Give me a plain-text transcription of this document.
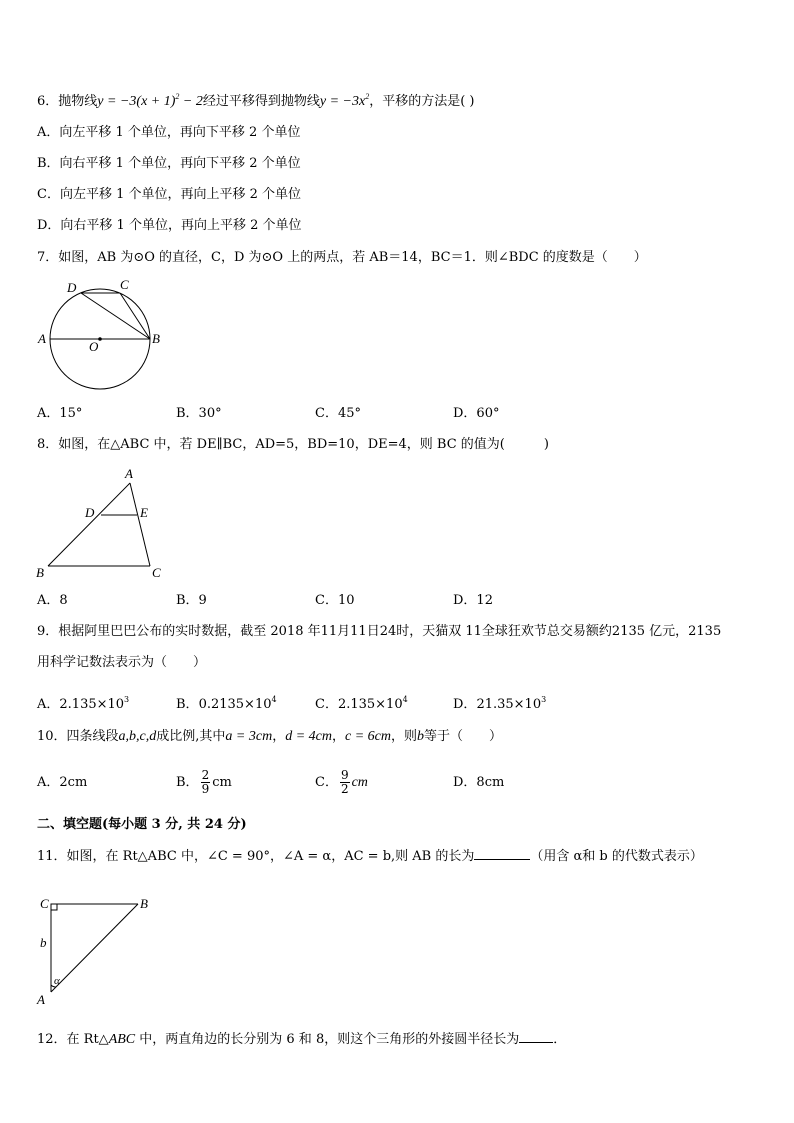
6．抛物线$y = -3(x + 1)^2 - 2$经过平移得到抛物线$y = -3x^2$，平移的方法是( )
A．向左平移 1 个单位，再向下平移 2 个单位
B．向右平移 1 个单位，再向下平移 2 个单位
C．向左平移 1 个单位，再向上平移 2 个单位
D．向右平移 1 个单位，再向上平移 2 个单位
7．如图，AB 为⊙O 的直径，C，D 为⊙O 上的两点，若 AB＝14，BC＝1．则∠BDC 的度数是（　　）
A	B
C
D
O
A．15°	B．30°	C．45°	D．60°
8．如图，在△ABC 中，若 DE∥BC，AD=5，BD=10，DE=4，则 BC 的值为(　　　)
A
B	C
D	E
A．8	B．9	C．10	D．12
9．根据阿里巴巴公布的实时数据，截至 2018 年11月11日24时，天猫双 11全球狂欢节总交易额约2135 亿元，2135
用科学记数法表示为（　　）
A．$2.135\times 10^3$	B．$0.2135\times 10^4$	C．$2.135\times 10^4$	D．$21.35\times 10^3$
10．四条线段a,b,c,d成比例,其中a = 3cm，d = 4cm，c = 6cm，则b等于（　　）
A．2cm	B． $\frac{2}{9}$ cm	C． $\frac{9}{2}$ cm	D．8cm
二、填空题(每小题 3 分, 共 24 分)
11．如图，在 Rt△ABC 中，∠C = 90°，∠A = α，AC = b,则 AB 的长为	（用含 α和 b 的代数式表示）
C	B
A
b
α
12．在 Rt△ABC 中，两直角边的长分别为 6 和 8，则这个三角形的外接圆半径长为	．
